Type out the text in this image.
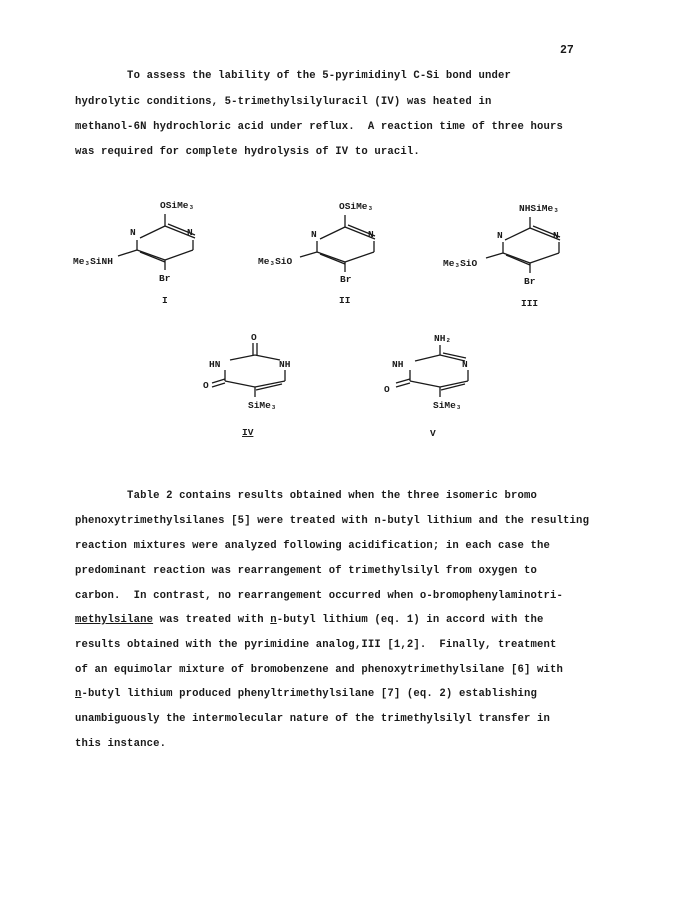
27
To assess the lability of the 5-pyrimidinyl C-Si bond under
hydrolytic conditions, 5-trimethylsilyluracil (IV) was heated in
methanol-6N hydrochloric acid under reflux.  A reaction time of three hours
was required for complete hydrolysis of IV to uracil.
OSiMe₃
N	N
Me₃SiNH
Br
I
OSiMe₃
N	N
Me₃SiO
Br
II
NHSiMe₃
N	N
Me₃SiO
Br
III
O
HN	NH
O
SiMe₃
IV
NH₂
NH	N
O
SiMe₃
V
Table 2 contains results obtained when the three isomeric bromo
phenoxytrimethylsilanes [5] were treated with n-butyl lithium and the resulting
reaction mixtures were analyzed following acidification; in each case the
predominant reaction was rearrangement of trimethylsilyl from oxygen to
carbon.  In contrast, no rearrangement occurred when o-bromophenylaminotri-
methylsilane was treated with n-butyl lithium (eq. 1) in accord with the
results obtained with the pyrimidine analog,III [1,2].  Finally, treatment
of an equimolar mixture of bromobenzene and phenoxytrimethylsilane [6] with
n-butyl lithium produced phenyltrimethylsilane [7] (eq. 2) establishing
unambiguously the intermolecular nature of the trimethylsilyl transfer in
this instance.
